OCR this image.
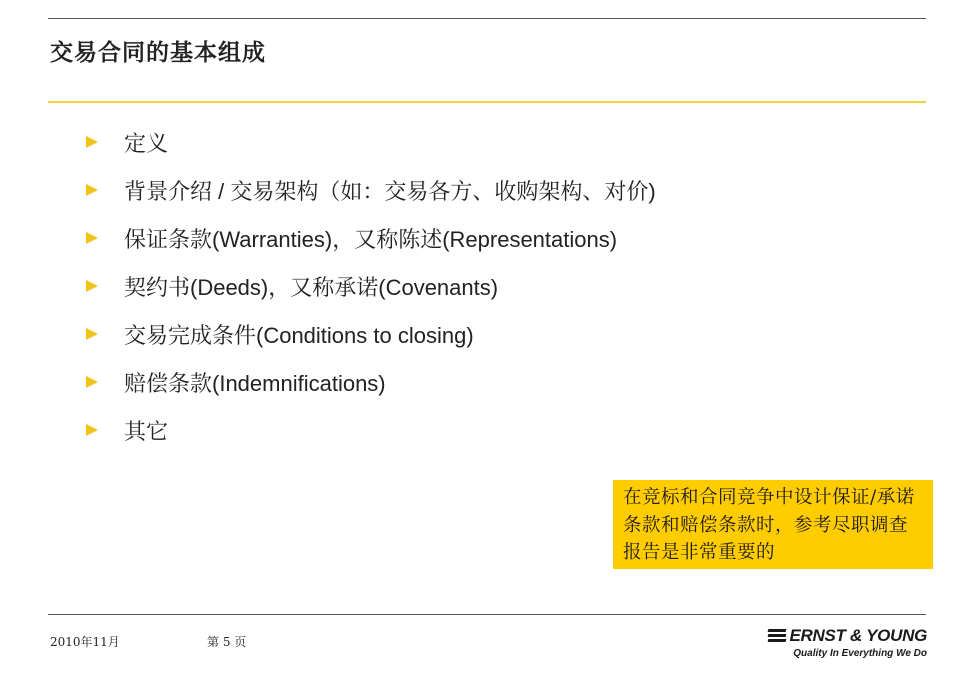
交易合同的基本组成
定义
背景介绍 / 交易架构（如：交易各方、收购架构、对价)
保证条款(Warranties)，又称陈述(Representations)
契约书(Deeds)，又称承诺(Covenants)
交易完成条件(Conditions to closing)
赔偿条款(Indemnifications)
其它
在竞标和合同竞争中设计保证/承诺条款和赔偿条款时，参考尽职调查报告是非常重要的
2010年11月	第 5 页	ERNST & YOUNG
Quality In Everything We Do
